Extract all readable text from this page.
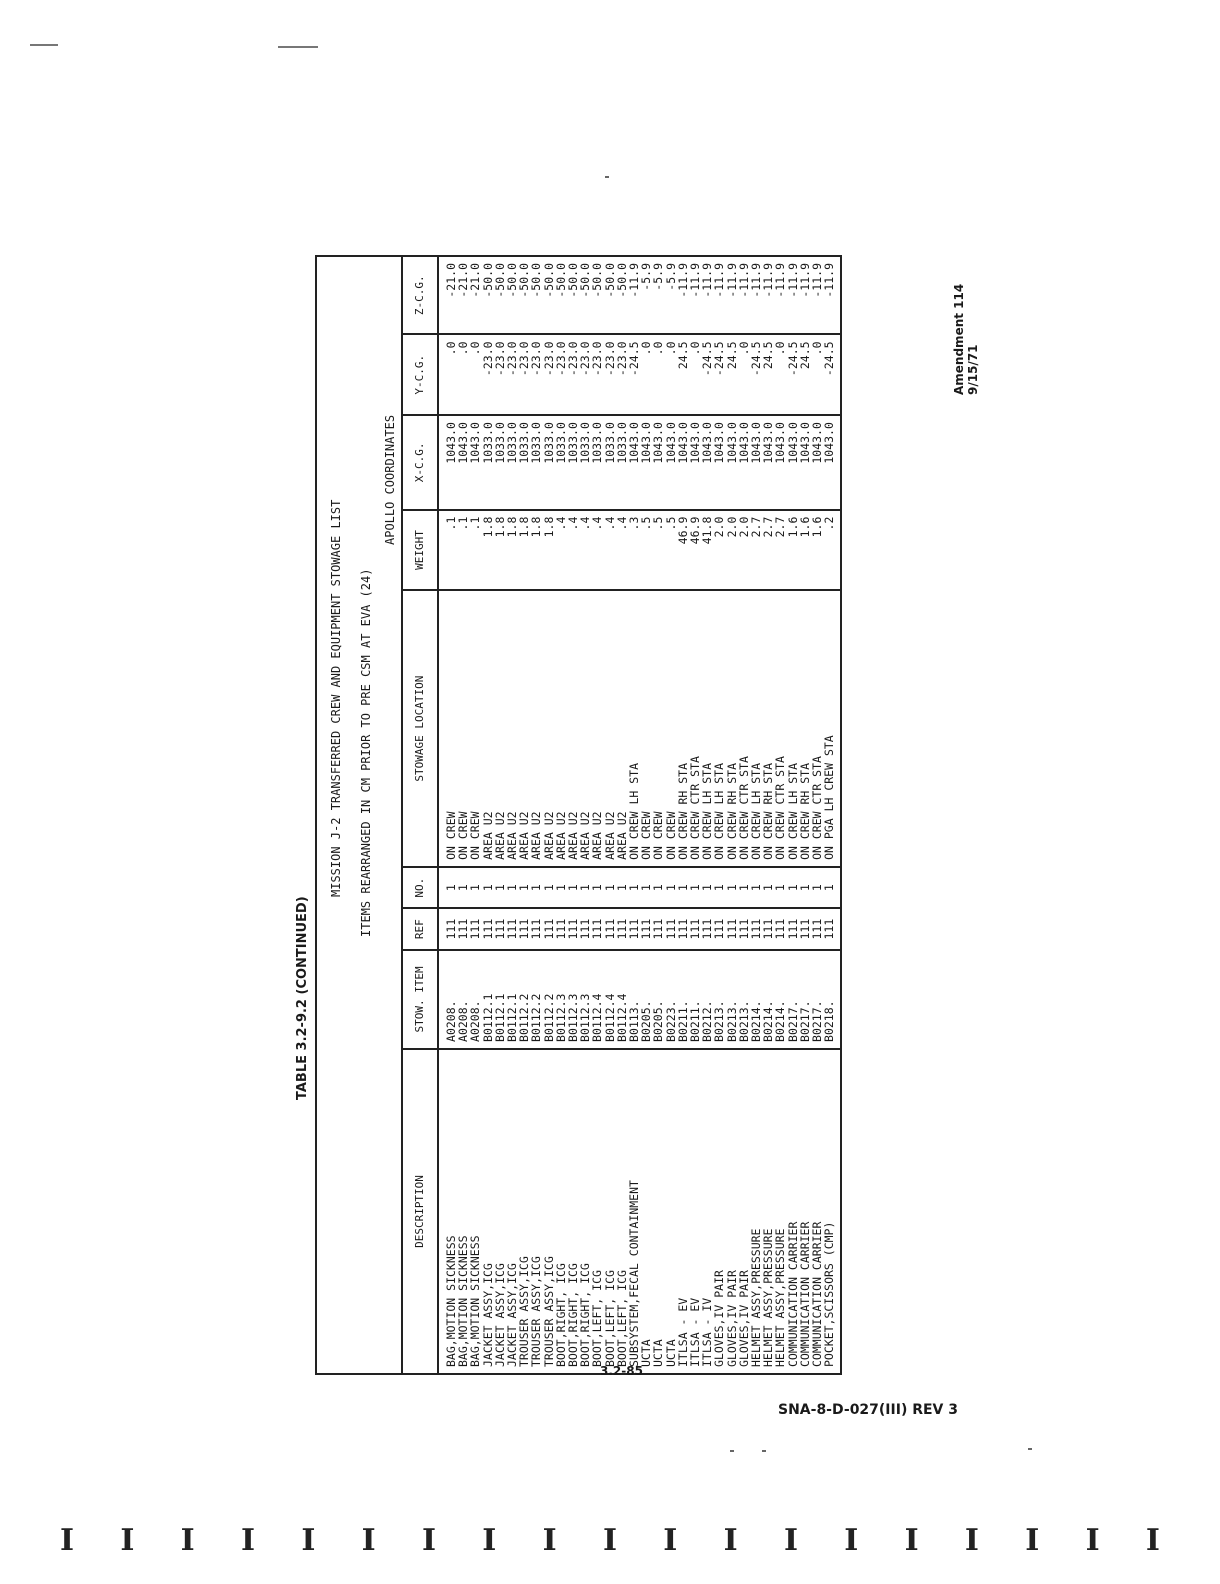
Amendment 114 9/15/71
TABLE 3.2-9.2 (CONTINUED)
MISSION J-2 TRANSFERRED CREW AND EQUIPMENT STOWAGE LIST ITEMS REARRANGED IN CM PRIOR TO PRE CSM AT EVA (24)
APOLLO COORDINATES
DESCRIPTION	STOW. ITEM	REF	NO.	STOWAGE LOCATION	WEIGHT	X-C.G.	Y-C.G.	Z-C.G.
BAG,MOTION SICKNESS	A0208.	111	1	ON CREW	.1	1043.0	.0	-21.0
BAG,MOTION SICKNESS	A0208.	111	1	ON CREW	.1	1043.0	.0	-21.0
BAG,MOTION SICKNESS	A0208.	111	1	ON CREW	.1	1043.0	.0	-21.0
JACKET ASSY,ICG	B0112.1	111	1	AREA U2	1.8	1033.0	-23.0	-50.0
JACKET ASSY,ICG	B0112.1	111	1	AREA U2	1.8	1033.0	-23.0	-50.0
JACKET ASSY,ICG	B0112.1	111	1	AREA U2	1.8	1033.0	-23.0	-50.0
TROUSER ASSY,ICG	B0112.2	111	1	AREA U2	1.8	1033.0	-23.0	-50.0
TROUSER ASSY,ICG	B0112.2	111	1	AREA U2	1.8	1033.0	-23.0	-50.0
TROUSER ASSY,ICG	B0112.2	111	1	AREA U2	1.8	1033.0	-23.0	-50.0
BOOT,RIGHT, ICG	B0112.3	111	1	AREA U2	.4	1033.0	-23.0	-50.0
BOOT,RIGHT, ICG	B0112.3	111	1	AREA U2	.4	1033.0	-23.0	-50.0
BOOT,RIGHT, ICG	B0112.3	111	1	AREA U2	.4	1033.0	-23.0	-50.0
BOOT,LEFT, ICG	B0112.4	111	1	AREA U2	.4	1033.0	-23.0	-50.0
BOOT,LEFT, ICG	B0112.4	111	1	AREA U2	.4	1033.0	-23.0	-50.0
BOOT,LEFT, ICG	B0112.4	111	1	AREA U2	.4	1033.0	-23.0	-50.0
SUBSYSTEM,FECAL CONTAINMENT	B0113.	111	1	ON CREW LH STA	.3	1043.0	-24.5	-11.9
UCTA	B0205.	111	1	ON CREW	.5	1043.0	.0	-5.9
UCTA	B0205.	111	1	ON CREW	.5	1043.0	.0	-5.9
UCTA	B0223.	111	1	ON CREW	.5	1043.0	.0	-5.9
ITLSA - EV	B0211.	111	1	ON CREW RH STA	46.9	1043.0	24.5	-11.9
ITLSA - EV	B0211.	111	1	ON CREW CTR STA	46.9	1043.0	.0	-11.9
ITLSA - IV	B0212.	111	1	ON CREW LH STA	41.8	1043.0	-24.5	-11.9
GLOVES,IV PAIR	B0213.	111	1	ON CREW LH STA	2.0	1043.0	-24.5	-11.9
GLOVES,IV PAIR	B0213.	111	1	ON CREW RH STA	2.0	1043.0	24.5	-11.9
GLOVES,IV PAIR	B0213.	111	1	ON CREW CTR STA	2.0	1043.0	.0	-11.9
HELMET ASSY,PRESSURE	B0214.	111	1	ON CREW LH STA	2.7	1043.0	-24.5	-11.9
HELMET ASSY,PRESSURE	B0214.	111	1	ON CREW RH STA	2.7	1043.0	24.5	-11.9
HELMET ASSY,PRESSURE	B0214.	111	1	ON CREW CTR STA	2.7	1043.0	.0	-11.9
COMMUNICATION CARRIER	B0217.	111	1	ON CREW LH STA	1.6	1043.0	-24.5	-11.9
COMMUNICATION CARRIER	B0217.	111	1	ON CREW RH STA	1.6	1043.0	24.5	-11.9
COMMUNICATION CARRIER	B0217.	111	1	ON CREW CTR STA	1.6	1043.0	.0	-11.9
POCKET,SCISSORS (CMP)	B0218.	111	1	ON PGA LH CREW STA	.2	1043.0	-24.5	-11.9
3.2-85
SNA-8-D-027(III) REV 3
I I I I I I I I I I I I I I I I I I I
